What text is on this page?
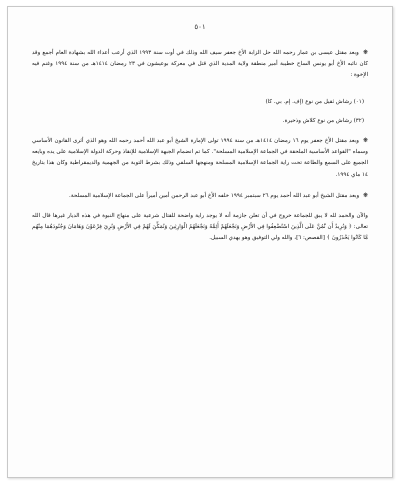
٥٠١

❋ وبعد مقتل عيسى بن عمار رحمه الله حل الزابة الأخ جعفر سيف الله وذلك في أوت سنة ١٩٩٣ الذي أرعب أعداء الله بشهادة العام أجمع وقد كان نائبه الأخ أبو يونس الساح خطيبة أمير منطقة ولاية المدية الذي قتل في معركة بوعيشون في ٢٣ رمضان ١٤١٤هـ من سنة ١٩٩٤ وغنم فيه الإخوة :

(٠١) رشاش ثقيل من نوع (إف. إم. بي. كا)

(٣٢) رشاش من نوع كلاش وذخيرة.

❋ وبعد مقتل الأخ جعفر يوم ١٦ رمضان ١٤١٤هـ من سنة ١٩٩٤ تولى الإمارة الشيخ أبو عبد الله أحمد رحمه الله وهو الذي أثرى القانون الأساسي وسماه "القواعد الأساسية الملحقة في الجماعة الإسلامية المسلحة". كما تم انضمام الجبهة الإسلامية للإنقاذ وحركة الدولة الإسلامية على يده وبايعه الجميع على السمع والطاعة تحت راية الجماعة الإسلامية المسلحة ومنهجها السلفي وذلك بشرط التوبة من الجهمية والديمقراطية وكان هذا بتاريخ ١٤ ماي ١٩٩٤.

❋ وبعد مقتل الشيخ أبو عبد الله أحمد يوم ٢٦ سبتمبر ١٩٩٤ خلفه الأخ أبو عبد الرحمن أمين أميراً على الجماعة الإسلامية المسلحة.

والآن والحمد لله لا يبق للجماعة خروج في أن تعلن جازمة أنه لا يوجد راية واضحة للقتال شرعية على منهاج النبوة في هذه الديار غيرها قال الله تعالى: ﴿ وَنُرِيدُ أَن نَّمُنَّ عَلَى الَّذِينَ اسْتُضْعِفُوا فِي الأَرْضِ وَنَجْعَلَهُمْ أَئِمَّةً وَنَجْعَلَهُمُ الْوَارِثِينَ وَنُمَكِّنَ لَهُمْ فِي الأَرْضِ وَنُرِيَ فِرْعَوْنَ وَهَامَانَ وَجُنُودَهُمَا مِنْهُم مَّا كَانُوا يَحْذَرُونَ ﴾ [القصص: ٦]، والله ولي التوفيق وهو يهدي السبيل.
